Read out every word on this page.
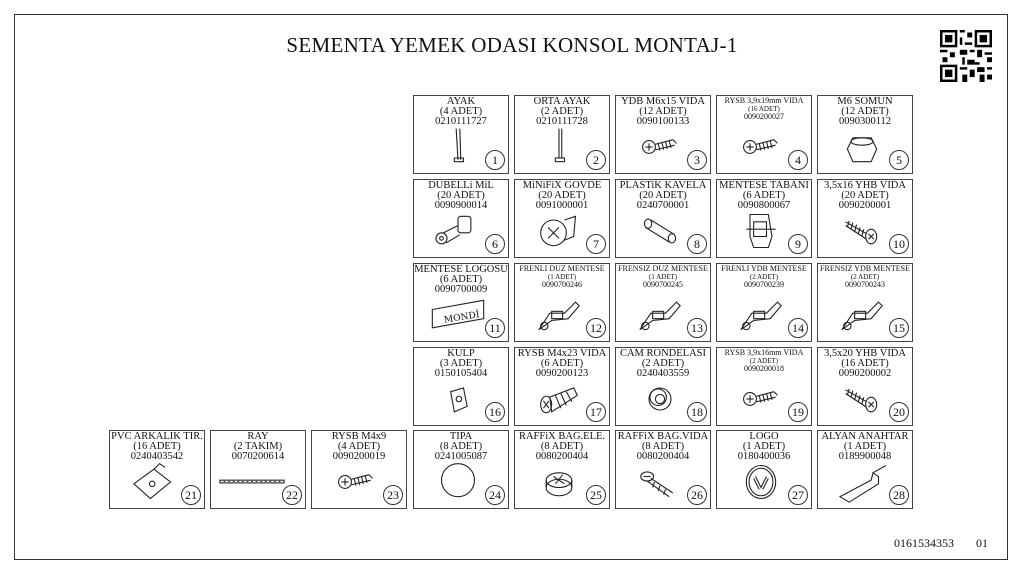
SEMENTA YEMEK ODASI KONSOL MONTAJ-1
AYAK
(4 ADET)
0210111727
1
ORTA AYAK
(2 ADET)
0210111728
2
YDB M6x15 VIDA
(12 ADET)
0090100133
3
RYSB 3,9x19mm VIDA
(16 ADET)
0090200027
4
M6 SOMUN
(12 ADET)
0090300112
5
DÜBELLi MiL
(20 ADET)
0090900014
6
MiNiFiX GÖVDE
(20 ADET)
0091000001
7
PLASTiK KAVELA
(20 ADET)
0240700001
8
MENTESE TABANI
(6 ADET)
0090800067
9
3,5x16 YHB VIDA
(20 ADET)
0090200001
10
MENTESE LOGOSU
(6 ADET)
0090700009
MONDİ
11
FRENLI DÜZ MENTESE
(1 ADET)
0090700246
12
FRENSIZ DÜZ MENTESE
(1 ADET)
0090700245
13
FRENLI YDB MENTESE
(2 ADET)
0090700239
14
FRENSIZ YDB MENTESE
(2 ADET)
0090700243
15
KULP
(3 ADET)
0150105404
16
RYSB M4x23 VIDA
(6 ADET)
0090200123
17
CAM RONDELASI
(2 ADET)
0240403559
18
RYSB 3,9x16mm VIDA
(2 ADET)
0090200018
19
3,5x20 YHB VIDA
(16 ADET)
0090200002
20
PVC ARKALIK TIR.
(16 ADET)
0240403542
21
RAY
(2 TAKIM)
0070200614
22
RYSB M4x9
(4 ADET)
0090200019
23
TIPA
(8 ADET)
0241005087
24
RAFFiX BAG.ELE.
(8 ADET)
0080200404
25
RAFFiX BAG.VIDA
(8 ADET)
0080200404
26
LOGO
(1 ADET)
0180400036
27
ALYAN ANAHTAR
(1 ADET)
0189900048
28
0161534353 01
